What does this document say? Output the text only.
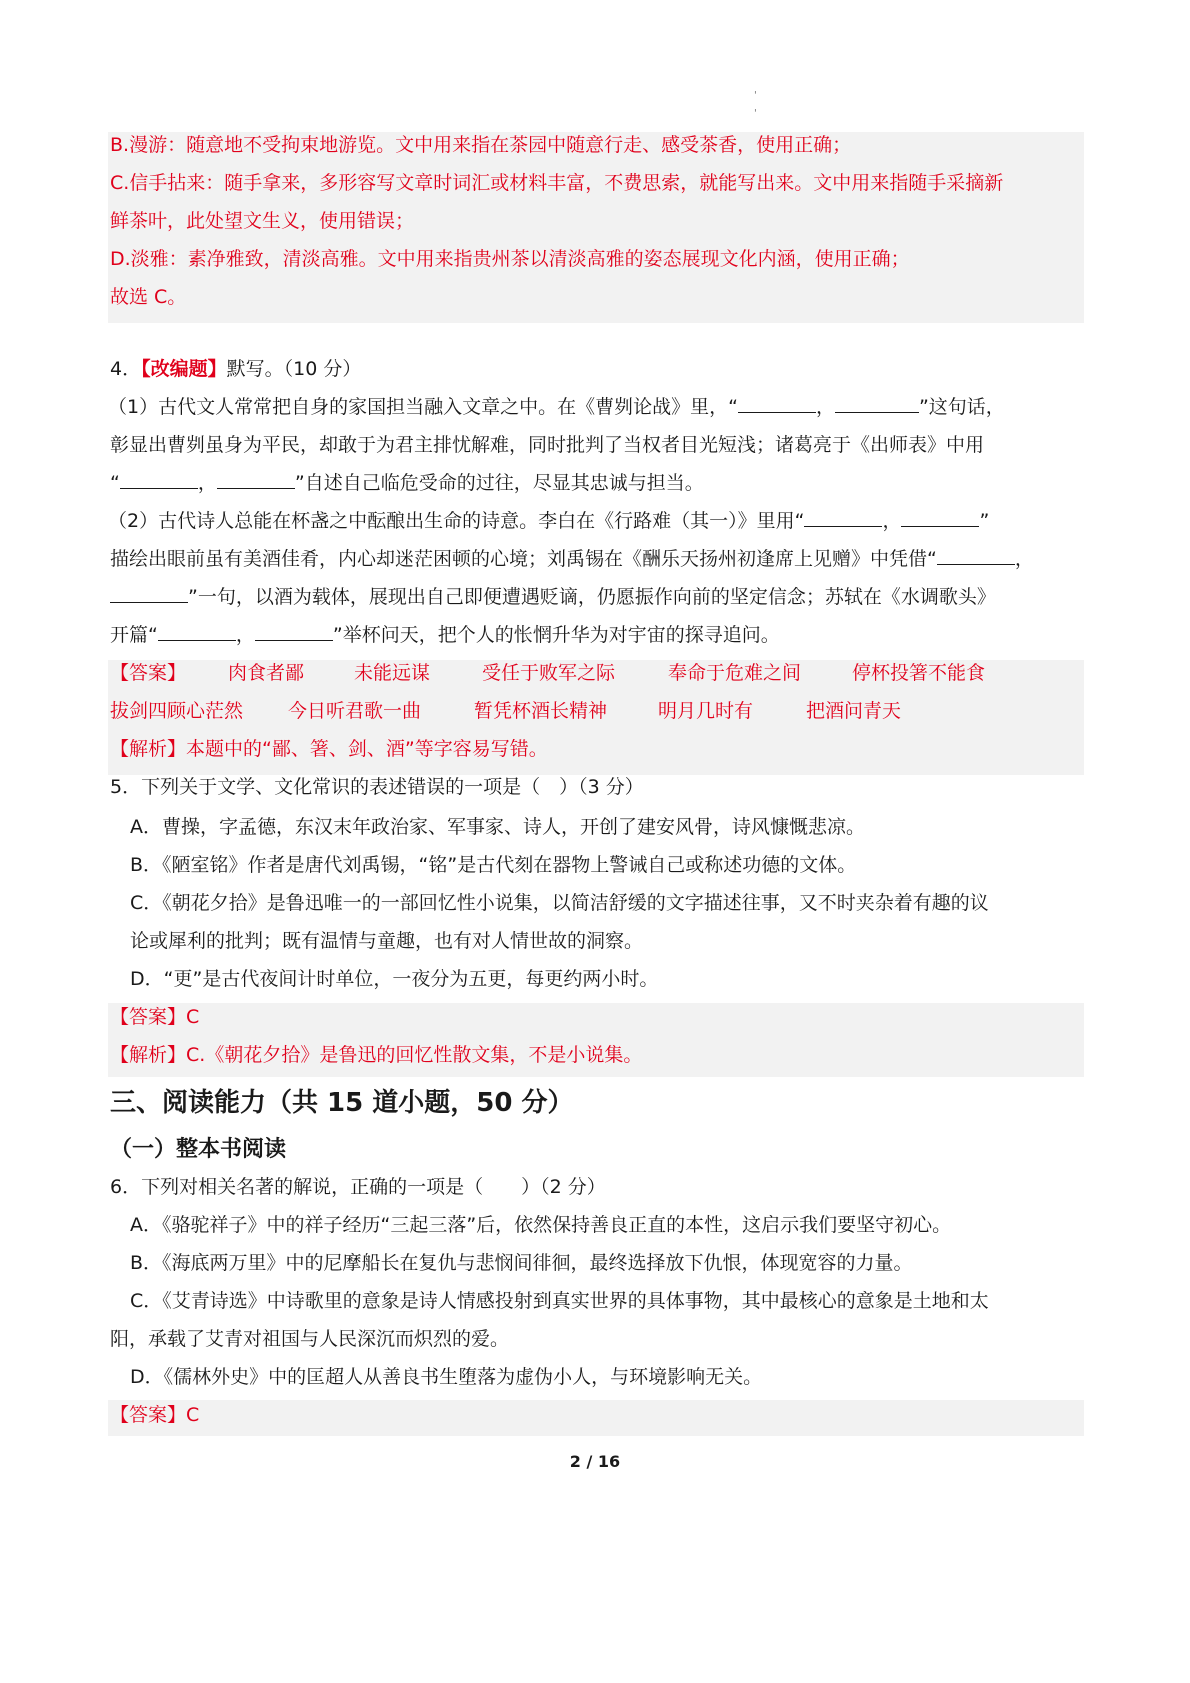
'
'
B.漫游：随意地不受拘束地游览。文中用来指在茶园中随意行走、感受茶香，使用正确；
C.信手拈来：随手拿来，多形容写文章时词汇或材料丰富，不费思索，就能写出来。文中用来指随手采摘新
鲜茶叶，此处望文生义，使用错误；
D.淡雅：素净雅致，清淡高雅。文中用来指贵州茶以清淡高雅的姿态展现文化内涵，使用正确；
故选 C。
4．【改编题】默写。（10 分）
（1）古代文人常常把自身的家国担当融入文章之中。在《曹刿论战》里，“	，	”这句话，
彰显出曹刿虽身为平民，却敢于为君主排忧解难，同时批判了当权者目光短浅；诸葛亮于《出师表》中用
“	，	”自述自己临危受命的过往，尽显其忠诚与担当。
（2）古代诗人总能在杯盏之中酝酿出生命的诗意。李白在《行路难（其一）》里用“	，	”
描绘出眼前虽有美酒佳肴，内心却迷茫困顿的心境；刘禹锡在《酬乐天扬州初逢席上见赠》中凭借“	，
”一句，以酒为载体，展现出自己即便遭遇贬谪，仍愿振作向前的坚定信念；苏轼在《水调歌头》
开篇“	，	”举杯问天，把个人的怅惘升华为对宇宙的探寻追问。
【答案】 肉食者鄙	未能远谋	受任于败军之际	奉命于危难之间	停杯投箸不能食
拔剑四顾心茫然 今日听君歌一曲	暂凭杯酒长精神	明月几时有	把酒问青天
【解析】本题中的“鄙、箸、剑、酒”等字容易写错。
5．下列关于文学、文化常识的表述错误的一项是（　）（3 分）
A．曹操，字孟德，东汉末年政治家、军事家、诗人，开创了建安风骨，诗风慷慨悲凉。
B．《陋室铭》作者是唐代刘禹锡，“铭”是古代刻在器物上警诫自己或称述功德的文体。
C．《朝花夕拾》是鲁迅唯一的一部回忆性小说集，以简洁舒缓的文字描述往事，又不时夹杂着有趣的议
论或犀利的批判；既有温情与童趣，也有对人情世故的洞察。
D．“更”是古代夜间计时单位，一夜分为五更，每更约两小时。
【答案】C
【解析】C.《朝花夕拾》是鲁迅的回忆性散文集，不是小说集。
三、阅读能力（共 15 道小题，50 分）
（一）整本书阅读
6．下列对相关名著的解说，正确的一项是（　　）（2 分）
A．《骆驼祥子》中的祥子经历“三起三落”后，依然保持善良正直的本性，这启示我们要坚守初心。
B．《海底两万里》中的尼摩船长在复仇与悲悯间徘徊，最终选择放下仇恨，体现宽容的力量。
C．《艾青诗选》中诗歌里的意象是诗人情感投射到真实世界的具体事物，其中最核心的意象是土地和太
阳，承载了艾青对祖国与人民深沉而炽烈的爱。
D．《儒林外史》中的匡超人从善良书生堕落为虚伪小人，与环境影响无关。
【答案】C
2 / 16
